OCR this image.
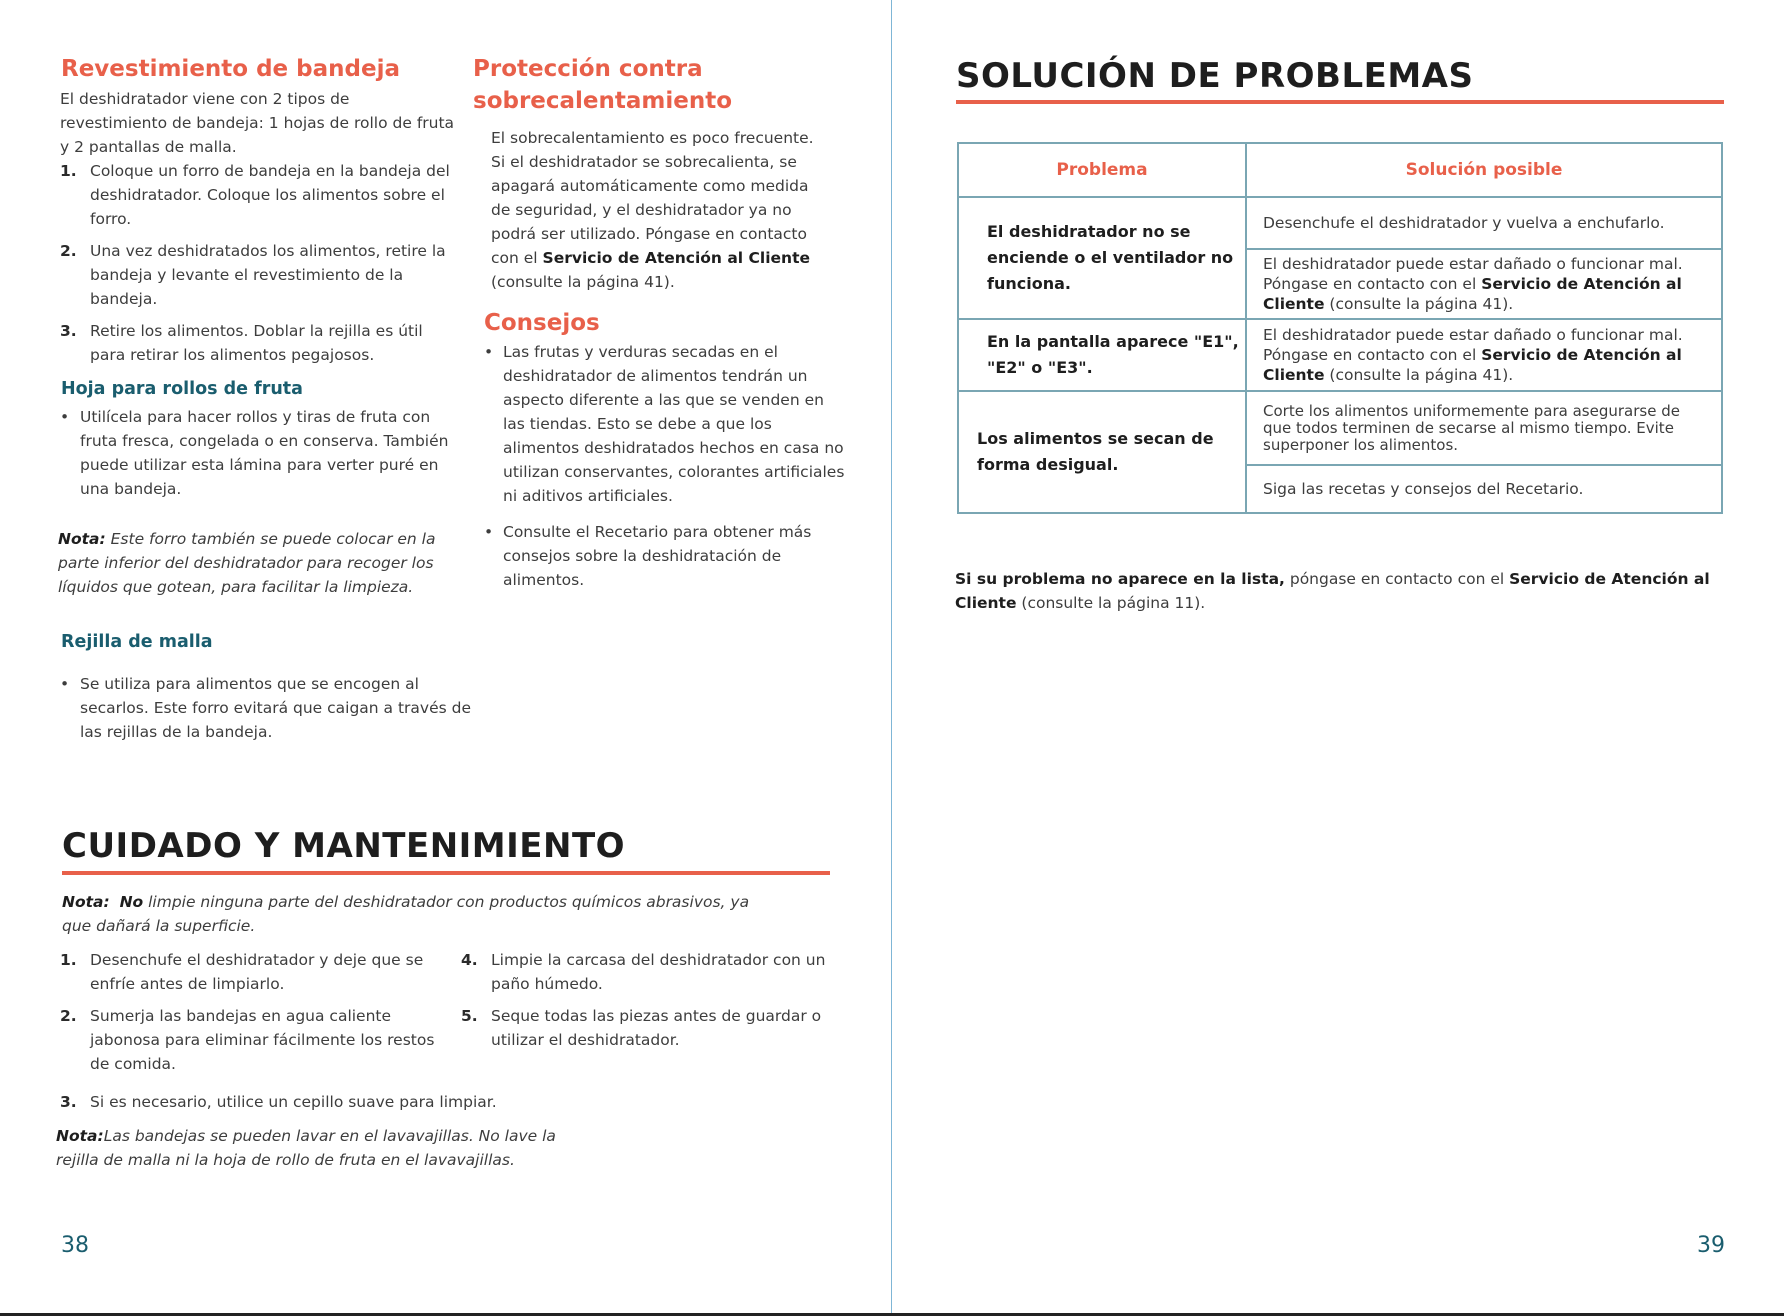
Revestimiento de bandeja
El deshidratador viene con 2 tipos de revestimiento de bandeja: 1 hojas de rollo de fruta y 2 pantallas de malla.
1. Coloque un forro de bandeja en la bandeja del deshidratador. Coloque los alimentos sobre el forro.
2. Una vez deshidratados los alimentos, retire la bandeja y levante el revestimiento de la bandeja.
3. Retire los alimentos. Doblar la rejilla es útil para retirar los alimentos pegajosos.
Hoja para rollos de fruta
• Utilícela para hacer rollos y tiras de fruta con fruta fresca, congelada o en conserva. También puede utilizar esta lámina para verter puré en una bandeja.
Nota: Este forro también se puede colocar en la parte inferior del deshidratador para recoger los líquidos que gotean, para facilitar la limpieza.
Rejilla de malla
• Se utiliza para alimentos que se encogen al secarlos. Este forro evitará que caigan a través de las rejillas de la bandeja.
Protección contra
sobrecalentamiento
El sobrecalentamiento es poco frecuente. Si el deshidratador se sobrecalienta, se apagará automáticamente como medida de seguridad, y el deshidratador ya no podrá ser utilizado. Póngase en contacto con el Servicio de Atención al Cliente (consulte la página 41).
Consejos
• Las frutas y verduras secadas en el deshidratador de alimentos tendrán un aspecto diferente a las que se venden en las tiendas. Esto se debe a que los alimentos deshidratados hechos en casa no utilizan conservantes, colorantes artificiales ni aditivos artificiales.
• Consulte el Recetario para obtener más consejos sobre la deshidratación de alimentos.
CUIDADO Y MANTENIMIENTO
Nota: No limpie ninguna parte del deshidratador con productos químicos abrasivos, ya que dañará la superficie.
1. Desenchufe el deshidratador y deje que se enfríe antes de limpiarlo.
2. Sumerja las bandejas en agua caliente jabonosa para eliminar fácilmente los restos de comida.
4. Limpie la carcasa del deshidratador con un paño húmedo.
5. Seque todas las piezas antes de guardar o utilizar el deshidratador.
3. Si es necesario, utilice un cepillo suave para limpiar.
Nota:Las bandejas se pueden lavar en el lavavajillas. No lave la rejilla de malla ni la hoja de rollo de fruta en el lavavajillas.
38	39
SOLUCIÓN DE PROBLEMAS
Problema	Solución posible
El deshidratador no se enciende o el ventilador no funciona.
Desenchufe el deshidratador y vuelva a enchufarlo.
El deshidratador puede estar dañado o funcionar mal. Póngase en contacto con el Servicio de Atención al Cliente (consulte la página 41).
En la pantalla aparece "E1", "E2" o "E3".
El deshidratador puede estar dañado o funcionar mal. Póngase en contacto con el Servicio de Atención al Cliente (consulte la página 41).
Los alimentos se secan de forma desigual.
Corte los alimentos uniformemente para asegurarse de que todos terminen de secarse al mismo tiempo. Evite superponer los alimentos.
Siga las recetas y consejos del Recetario.
Si su problema no aparece en la lista, póngase en contacto con el Servicio de Atención al Cliente (consulte la página 11).
